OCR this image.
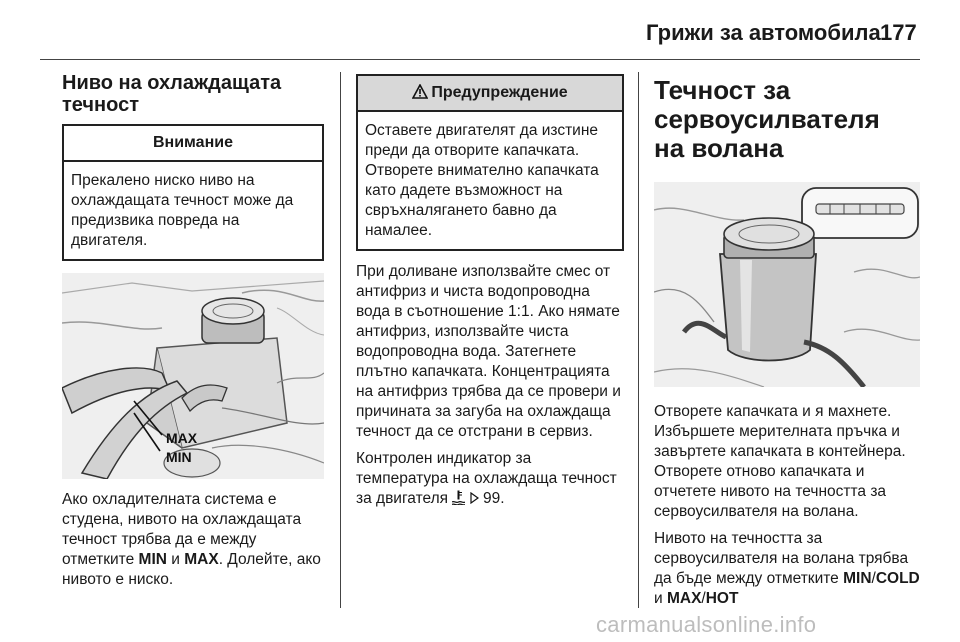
Грижи за автомобила 177
Ниво на охлаждащата течност
Внимание
Прекалено ниско ниво на охлаждащата течност може да предизвика повреда на двигателя.
MAX
MIN

Ако охладителната система е студена, нивото на охлаждащата течност трябва да е между отметките MIN и MAX. Долейте, ако нивото е ниско.

Предупреждение
Оставете двигателят да изстине преди да отворите капачката. Отворете внимателно капачката като дадете възможност на свръхналягането бавно да намалее.

При доливане използвайте смес от антифриз и чиста водопроводна вода в съотношение 1:1. Ако нямате антифриз, използвайте чиста водопроводна вода. Затегнете плътно капачката. Концентрацията на антифриз трябва да се провери и причината за загуба на охлаждаща течност да се отстрани в сервиз.

Контролен индикатор за температура на охлаждаща течност за двигателя   99.

Течност за сервоусилвателя на волана

Отворете капачката и я махнете. Избършете мерителната пръчка и завъртете капачката в контейнера. Отворете отново капачката и отчетете нивото на течността за сервоусилвателя на волана.

Нивото на течността за сервоусилвателя на волана трябва да бъде между отметките MIN/COLD и MAX/HOT

carmanualsonline.info
